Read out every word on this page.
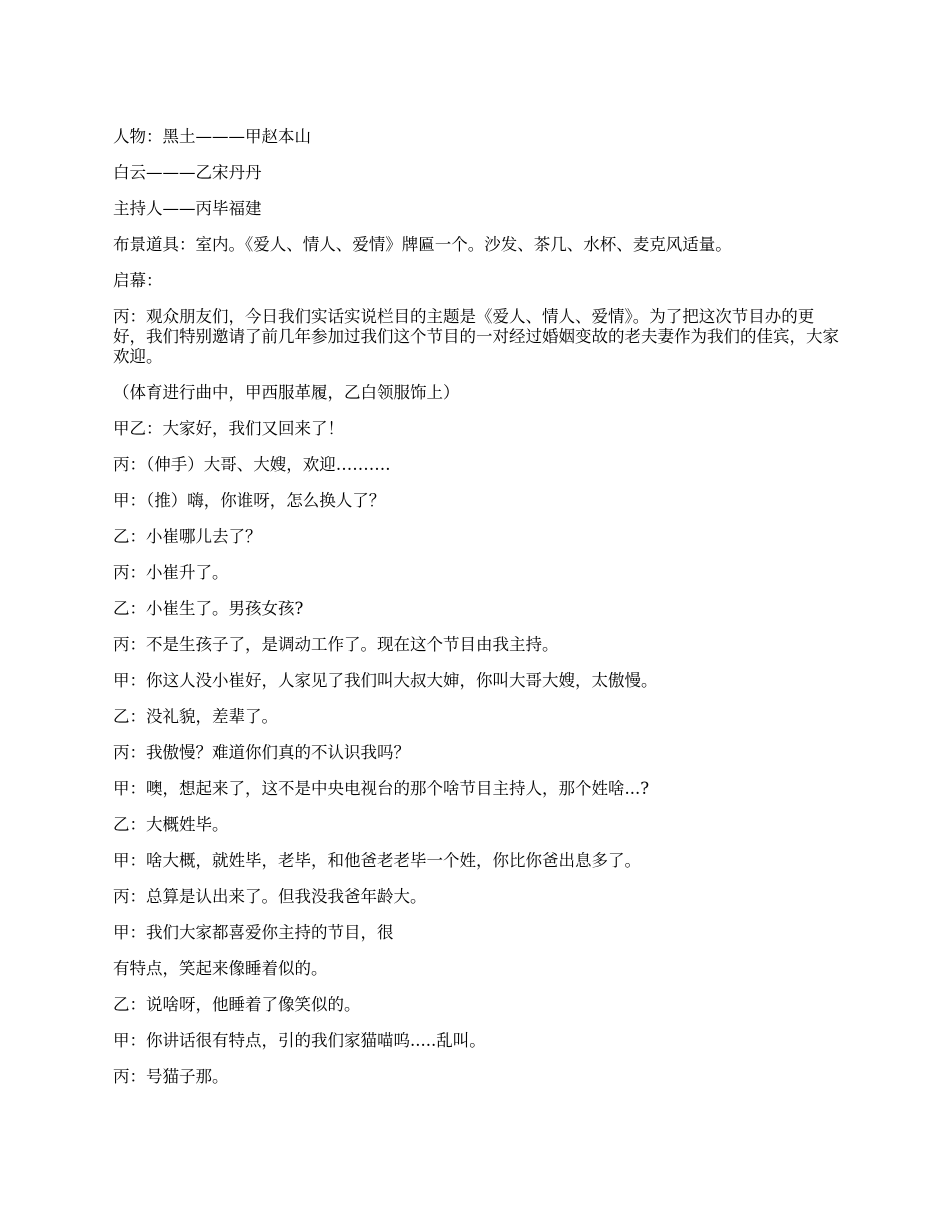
人物：黑土———甲赵本山

白云———乙宋丹丹

主持人——丙毕福建

布景道具：室内。《爱人、情人、爱情》牌匾一个。沙发、茶几、水杯、麦克风适量。

启幕：

丙：观众朋友们，今日我们实话实说栏目的主题是《爱人、情人、爱情》。为了把这次节目办的更好，我们特别邀请了前几年参加过我们这个节目的一对经过婚姻变故的老夫妻作为我们的佳宾，大家欢迎。

（体育进行曲中，甲西服革履，乙白领服饰上）

甲乙：大家好，我们又回来了！

丙：（伸手）大哥、大嫂，欢迎……….

甲：（推）嗨，你谁呀，怎么换人了？

乙：小崔哪儿去了？

丙：小崔升了。

乙：小崔生了。男孩女孩?

丙：不是生孩子了，是调动工作了。现在这个节目由我主持。

甲：你这人没小崔好，人家见了我们叫大叔大婶，你叫大哥大嫂，太傲慢。

乙：没礼貌，差辈了。

丙：我傲慢？难道你们真的不认识我吗？

甲：噢，想起来了，这不是中央电视台的那个啥节目主持人，那个姓啥...?

乙：大概姓毕。

甲：啥大概，就姓毕，老毕，和他爸老老毕一个姓，你比你爸出息多了。

丙：总算是认出来了。但我没我爸年龄大。

甲：我们大家都喜爱你主持的节目，很

有特点，笑起来像睡着似的。

乙：说啥呀，他睡着了像笑似的。

甲：你讲话很有特点，引的我们家猫喵呜.....乱叫。

丙：号猫子那。
